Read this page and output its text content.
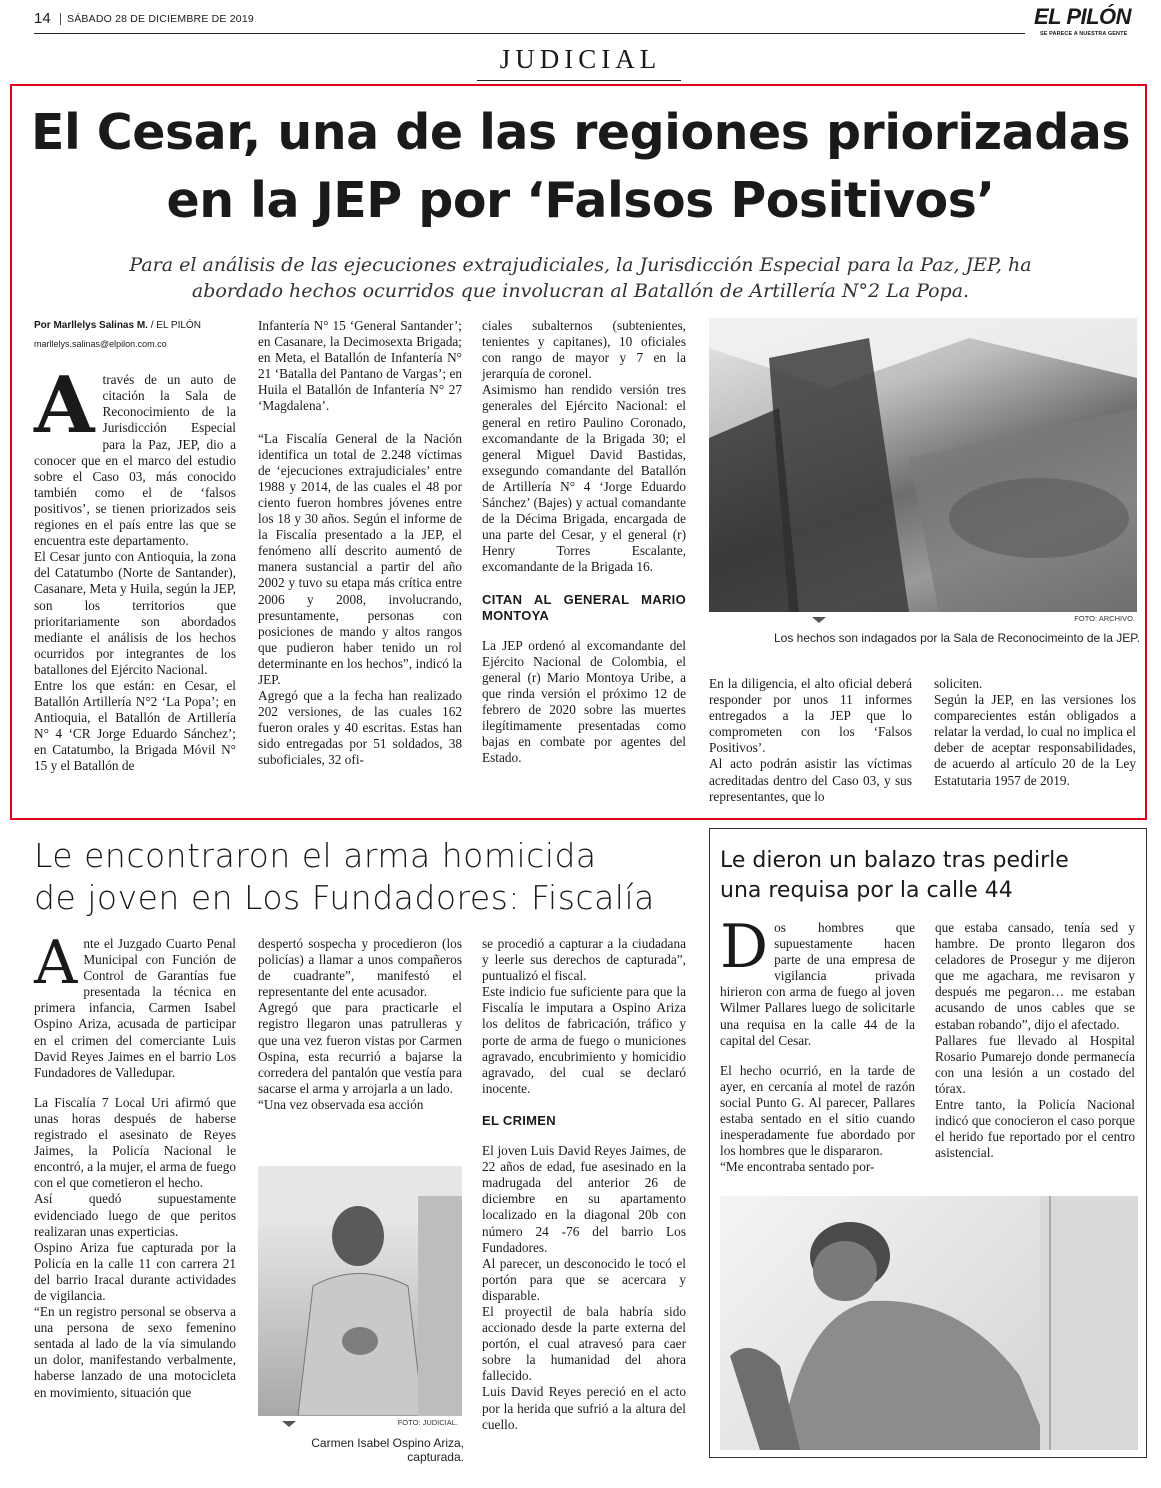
14	SÁBADO 28 DE DICIEMBRE DE 2019	EL PILÓN
SE PARECE A NUESTRA GENTE
JUDICIAL
El Cesar, una de las regiones priorizadas
en la JEP por ‘Falsos Positivos’
Para el análisis de las ejecuciones extrajudiciales, la Jurisdicción Especial para la Paz, JEP, ha
abordado hechos ocurridos que involucran al Batallón de Artillería N°2 La Popa.
Por Marllelys Salinas M. / EL PILÓN
marllelys.salinas@elpilon.com.co

Através de un auto de citación la Sala de Reconocimiento de la Jurisdicción Especial para la Paz, JEP, dio a conocer que en el marco del estudio sobre el Caso 03, más conocido también como el de ‘falsos positivos’, se tienen priorizados seis regiones en el país entre las que se encuentra este departamento.

El Cesar junto con Antioquia, la zona del Catatumbo (Norte de Santander), Casanare, Meta y Huila, según la JEP, son los territorios que prioritariamente son abordados mediante el análisis de los hechos ocurridos por integrantes de los batallones del Ejército Nacional.

Entre los que están: en Cesar, el Batallón Artillería N°2 ‘La Popa’; en Antioquia, el Batallón de Artillería N° 4 ‘CR Jorge Eduardo Sánchez’; en Catatumbo, la Brigada Móvil N° 15 y el Batallón de

Infantería N° 15 ‘General Santander’; en Casanare, la Decimosexta Brigada; en Meta, el Batallón de Infantería N° 21 ‘Batalla del Pantano de Vargas’; en Huila el Batallón de Infantería N° 27 ‘Magdalena’.

“La Fiscalía General de la Nación identifica un total de 2.248 víctimas de ‘ejecuciones extrajudiciales’ entre 1988 y 2014, de las cuales el 48 por ciento fueron hombres jóvenes entre los 18 y 30 años. Según el informe de la Fiscalía presentado a la JEP, el fenómeno allí descrito aumentó de manera sustancial a partir del año 2002 y tuvo su etapa más crítica entre 2006 y 2008, involucrando, presuntamente, personas con posiciones de mando y altos rangos que pudieron haber tenido un rol determinante en los hechos”, indicó la JEP.

Agregó que a la fecha han realizado 202 versiones, de las cuales 162 fueron orales y 40 escritas. Estas han sido entregadas por 51 soldados, 38 suboficiales, 32 ofi-

ciales subalternos (subtenientes, tenientes y capitanes), 10 oficiales con rango de mayor y 7 en la jerarquía de coronel.

Asimismo han rendido versión tres generales del Ejército Nacional: el general en retiro Paulino Coronado, excomandante de la Brigada 30; el general Miguel David Bastidas, exsegundo comandante del Batallón de Artillería N° 4 ‘Jorge Eduardo Sánchez’ (Bajes) y actual comandante de la Décima Brigada, encargada de una parte del Cesar, y el general (r) Henry Torres Escalante, excomandante de la Brigada 16.

CITAN AL GENERAL MARIO MONTOYA

La JEP ordenó al excomandante del Ejército Nacional de Colombia, el general (r) Mario Montoya Uribe, a que rinda versión el próximo 12 de febrero de 2020 sobre las muertes ilegítimamente presentadas como bajas en combate por agentes del Estado.

FOTO: ARCHIVO.
Los hechos son indagados por la Sala de Reconocimeinto de la JEP.

En la diligencia, el alto oficial deberá responder por unos 11 informes entregados a la JEP que lo comprometen con los ‘Falsos Positivos’.

Al acto podrán asistir las víctimas acreditadas dentro del Caso 03, y sus representantes, que lo

soliciten.

Según la JEP, en las versiones los comparecientes están obligados a relatar la verdad, lo cual no implica el deber de aceptar responsabilidades, de acuerdo al artículo 20 de la Ley Estatutaria 1957 de 2019.

Le encontraron el arma homicida
de joven en Los Fundadores: Fiscalía

Ante el Juzgado Cuarto Penal Municipal con Función de Control de Garantías fue presentada la técnica en primera infancia, Carmen Isabel Ospino Ariza, acusada de participar en el crimen del comerciante Luis David Reyes Jaimes en el barrio Los Fundadores de Valledupar.

La Fiscalía 7 Local Uri afirmó que unas horas después de haberse registrado el asesinato de Reyes Jaimes, la Policía Nacional le encontró, a la mujer, el arma de fuego con el que cometieron el hecho.

Así quedó supuestamente evidenciado luego de que peritos realizaran unas experticias.

Ospino Ariza fue capturada por la Policía en la calle 11 con carrera 21 del barrio Iracal durante actividades de vigilancia.

“En un registro personal se observa a una persona de sexo femenino sentada al lado de la vía simulando un dolor, manifestando verbalmente, haberse lanzado de una motocicleta en movimiento, situación que

despertó sospecha y procedieron (los policías) a llamar a unos compañeros de cuadrante”, manifestó el representante del ente acusador.

Agregó que para practicarle el registro llegaron unas patrulleras y que una vez fueron vistas por Carmen Ospina, esta recurrió a bajarse la corredera del pantalón que vestía para sacarse el arma y arrojarla a un lado.

“Una vez observada esa acción

FOTO: JUDICIAL.
Carmen Isabel Ospino Ariza, capturada.

se procedió a capturar a la ciudadana y leerle sus derechos de capturada”, puntualizó el fiscal.

Este indicio fue suficiente para que la Fiscalía le imputara a Ospino Ariza los delitos de fabricación, tráfico y porte de arma de fuego o municiones agravado, encubrimiento y homicidio agravado, del cual se declaró inocente.

EL CRIMEN

El joven Luis David Reyes Jaimes, de 22 años de edad, fue asesinado en la madrugada del anterior 26 de diciembre en su apartamento localizado en la diagonal 20b con número 24 -76 del barrio Los Fundadores.

Al parecer, un desconocido le tocó el portón para que se acercara y disparable.

El proyectil de bala habría sido accionado desde la parte externa del portón, el cual atravesó para caer sobre la humanidad del ahora fallecido.

Luis David Reyes pereció en el acto por la herida que sufrió a la altura del cuello.

Le dieron un balazo tras pedirle
una requisa por la calle 44

Dos hombres que supuestamente hacen parte de una empresa de vigilancia privada hirieron con arma de fuego al joven Wilmer Pallares luego de solicitarle una requisa en la calle 44 de la capital del Cesar.

El hecho ocurrió, en la tarde de ayer, en cercanía al motel de razón social Punto G. Al parecer, Pallares estaba sentado en el sitio cuando inesperadamente fue abordado por los hombres que le dispararon.

“Me encontraba sentado por-

que estaba cansado, tenía sed y hambre. De pronto llegaron dos celadores de Prosegur y me dijeron que me agachara, me revisaron y después me pegaron… me estaban acusando de unos cables que se estaban robando”, dijo el afectado.

Pallares fue llevado al Hospital Rosario Pumarejo donde permanecía con una lesión a un costado del tórax.

Entre tanto, la Policía Nacional indicó que conocieron el caso porque el herido fue reportado por el centro asistencial.
